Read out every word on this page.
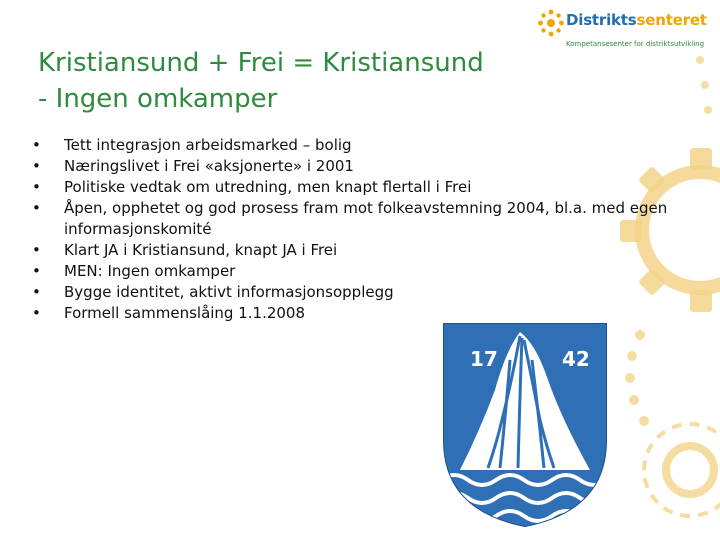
Distriktssenteret
Kompetansesenter for distriktsutvikling
Kristiansund + Frei = Kristiansund
- Ingen omkamper
• Tett integrasjon arbeidsmarked – bolig
• Næringslivet i Frei «aksjonerte» i 2001
• Politiske vedtak om utredning, men knapt flertall i Frei
• Åpen, opphetet og god prosess fram mot folkeavstemning 2004, bl.a. med egen informasjonskomité
• Klart JA i Kristiansund, knapt JA i Frei
• MEN: Ingen omkamper
• Bygge identitet, aktivt informasjonsopplegg
• Formell sammenslåing 1.1.2008
17	42
